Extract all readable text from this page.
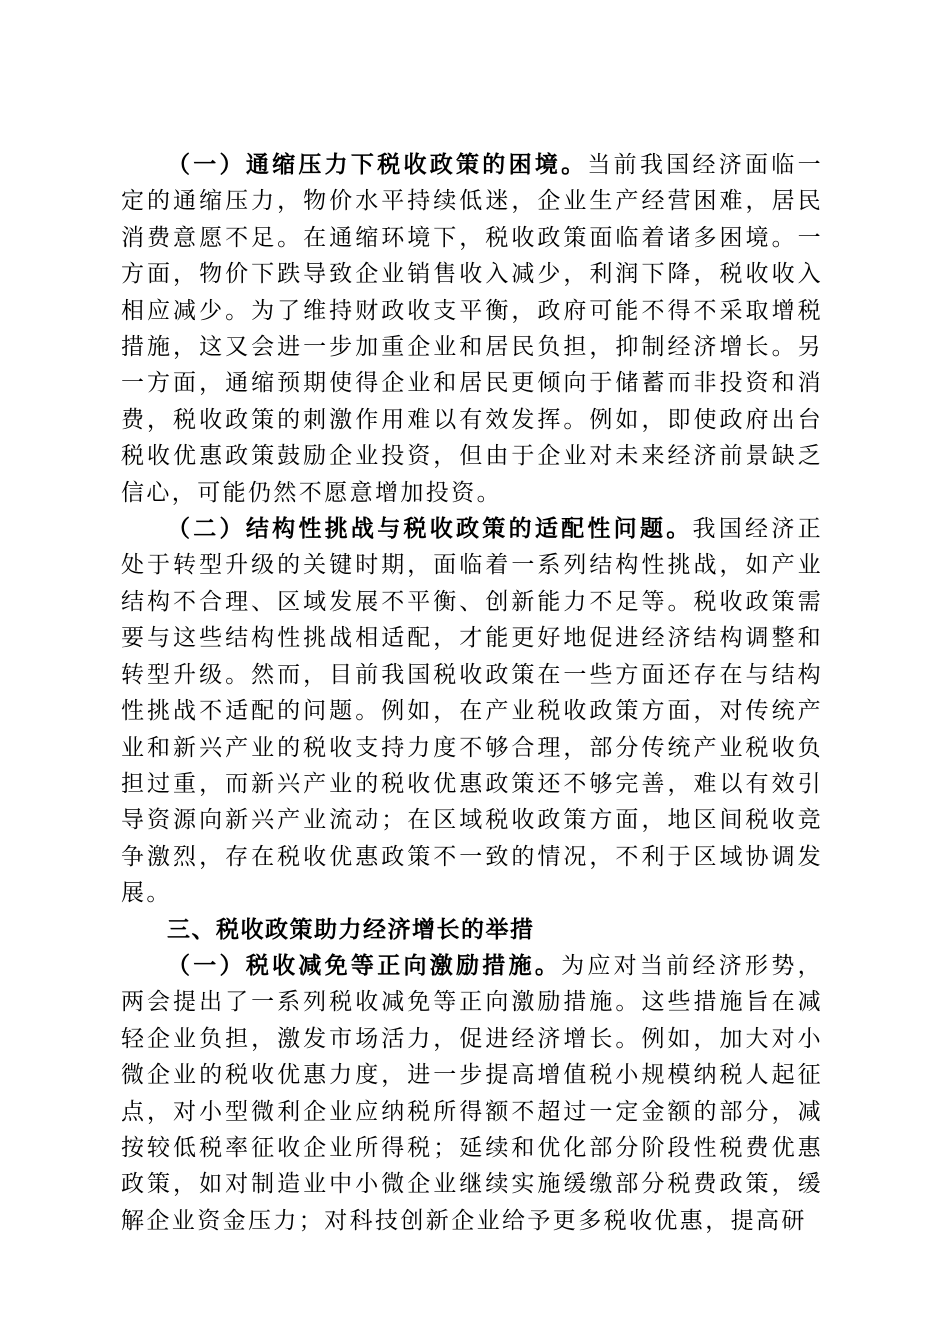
（一）通缩压力下税收政策的困境。当前我国经济面临一定的通缩压力，物价水平持续低迷，企业生产经营困难，居民消费意愿不足。在通缩环境下，税收政策面临着诸多困境。一方面，物价下跌导致企业销售收入减少，利润下降，税收收入相应减少。为了维持财政收支平衡，政府可能不得不采取增税措施，这又会进一步加重企业和居民负担，抑制经济增长。另一方面，通缩预期使得企业和居民更倾向于储蓄而非投资和消费，税收政策的刺激作用难以有效发挥。例如，即使政府出台税收优惠政策鼓励企业投资，但由于企业对未来经济前景缺乏信心，可能仍然不愿意增加投资。

（二）结构性挑战与税收政策的适配性问题。我国经济正处于转型升级的关键时期，面临着一系列结构性挑战，如产业结构不合理、区域发展不平衡、创新能力不足等。税收政策需要与这些结构性挑战相适配，才能更好地促进经济结构调整和转型升级。然而，目前我国税收政策在一些方面还存在与结构性挑战不适配的问题。例如，在产业税收政策方面，对传统产业和新兴产业的税收支持力度不够合理，部分传统产业税收负担过重，而新兴产业的税收优惠政策还不够完善，难以有效引导资源向新兴产业流动；在区域税收政策方面，地区间税收竞争激烈，存在税收优惠政策不一致的情况，不利于区域协调发展。

三、税收政策助力经济增长的举措

（一）税收减免等正向激励措施。为应对当前经济形势，两会提出了一系列税收减免等正向激励措施。这些措施旨在减轻企业负担，激发市场活力，促进经济增长。例如，加大对小微企业的税收优惠力度，进一步提高增值税小规模纳税人起征点，对小型微利企业应纳税所得额不超过一定金额的部分，减按较低税率征收企业所得税；延续和优化部分阶段性税费优惠政策，如对制造业中小微企业继续实施缓缴部分税费政策，缓解企业资金压力；对科技创新企业给予更多税收优惠，提高研
